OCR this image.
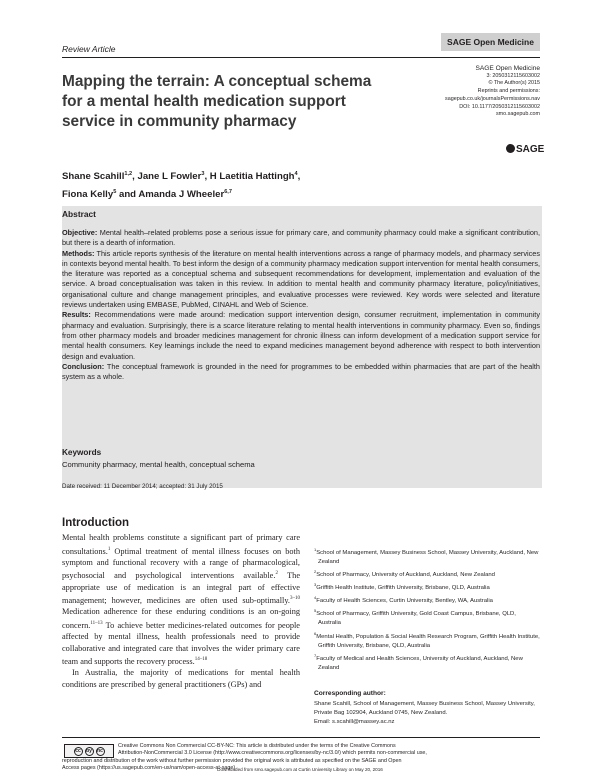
Review Article
SAGE Open Medicine
Mapping the terrain: A conceptual schema for a mental health medication support service in community pharmacy
SAGE Open Medicine
3: 2050312115603002
© The Author(s) 2015
Reprints and permissions:
sagepub.co.uk/journalsPermissions.nav
DOI: 10.1177/2050312115603002
smo.sagepub.com
SAGE
Shane Scahill$^{1,2}$, Jane L Fowler$^3$, H Laetitia Hattingh$^4$,
Fiona Kelly$^5$ and Amanda J Wheeler$^{6,7}$
Abstract

Objective: Mental health–related problems pose a serious issue for primary care, and community pharmacy could make a significant contribution, but there is a dearth of information.

Methods: This article reports synthesis of the literature on mental health interventions across a range of pharmacy models, and pharmacy services in contexts beyond mental health. To best inform the design of a community pharmacy medication support intervention for mental health consumers, the literature was reported as a conceptual schema and subsequent recommendations for development, implementation and evaluation of the service. A broad conceptualisation was taken in this review. In addition to mental health and community pharmacy literature, policy/initiatives, organisational culture and change management principles, and evaluative processes were reviewed. Key words were selected and literature reviews undertaken using EMBASE, PubMed, CINAHL and Web of Science.

Results: Recommendations were made around: medication support intervention design, consumer recruitment, implementation in community pharmacy and evaluation. Surprisingly, there is a scarce literature relating to mental health interventions in community pharmacy. Even so, findings from other pharmacy models and broader medicines management for chronic illness can inform development of a medication support service for mental health consumers. Key learnings include the need to expand medicines management beyond adherence with respect to both intervention design and evaluation.

Conclusion: The conceptual framework is grounded in the need for programmes to be embedded within pharmacies that are part of the health system as a whole.

Keywords
Community pharmacy, mental health, conceptual schema
Date received: 11 December 2014; accepted: 31 July 2015
Introduction

Mental health problems constitute a significant part of primary care consultations.$^1$ Optimal treatment of mental illness focuses on both symptom and functional recovery with a range of pharmacological, psychosocial and psychological interventions available.$^2$ The appropriate use of medication is an integral part of effective management; however, medicines are often used sub-optimally.$^{3-10}$ Medication adherence for these enduring conditions is an on-going concern.$^{11-13}$ To achieve better medicines-related outcomes for people affected by mental illness, health professionals need to provide collaborative and integrated care that involves the wider primary care team and supports the recovery process.$^{14-18}$

In Australia, the majority of medications for mental health conditions are prescribed by general practitioners (GPs) and

$^1$School of Management, Massey Business School, Massey University, Auckland, New Zealand
$^2$School of Pharmacy, University of Auckland, Auckland, New Zealand
$^3$Griffith Health Institute, Griffith University, Brisbane, QLD, Australia
$^4$Faculty of Health Sciences, Curtin University, Bentley, WA, Australia
$^5$School of Pharmacy, Griffith University, Gold Coast Campus, Brisbane, QLD, Australia
$^6$Mental Health, Population & Social Health Research Program, Griffith Health Institute, Griffith University, Brisbane, QLD, Australia
$^7$Faculty of Medical and Health Sciences, University of Auckland, Auckland, New Zealand
Corresponding author:
Shane Scahill, School of Management, Massey Business School, Massey University, Private Bag 102904, Auckland 0745, New Zealand.
Email: s.scahill@massey.ac.nz
cc	by	nc
Creative Commons Non Commercial CC-BY-NC: This article is distributed under the terms of the Creative Commons
Attribution-NonCommercial 3.0 License (http://www.creativecommons.org/licenses/by-nc/3.0/) which permits non-commercial use,
reproduction and distribution of the work without further permission provided the original work is attributed as specified on the SAGE and Open
Access pages (https://us.sagepub.com/en-us/nam/open-access-at-sage).
Downloaded from smo.sagepub.com at Curtin University Library on May 20, 2016
